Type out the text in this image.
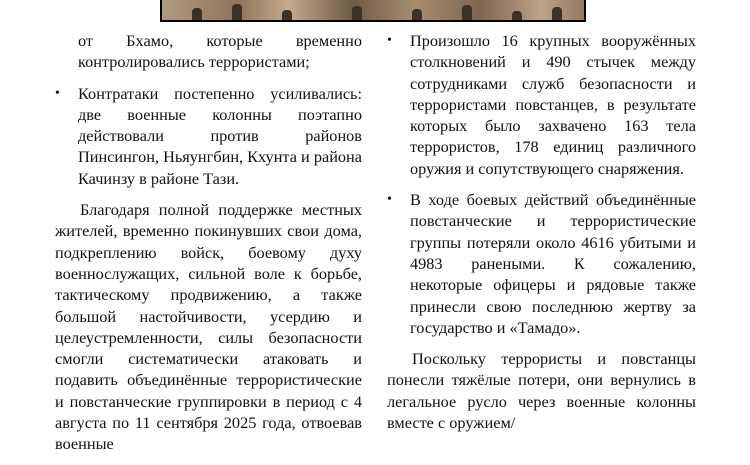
от Бхамо, которые временно контролировались террористами;

• Контратаки постепенно усиливались: две военные колонны поэтапно действовали против районов Пинсингон, Ньяунгбин, Кхунта и района Качинзу в районе Тази.

Благодаря полной поддержке местных жителей, временно покинувших свои дома, подкреплению войск, боевому духу военнослужащих, сильной воле к борьбе, тактическому продвижению, а также большой настойчивости, усердию и целеустремленности, силы безопасности смогли систематически атаковать и подавить объединённые террористические и повстанческие группировки в период с 4 августа по 11 сентября 2025 года, отвоевав военные

• Произошло 16 крупных вооружённых столкновений и 490 стычек между сотрудниками служб безопасности и террористами повстанцев, в результате которых было захвачено 163 тела террористов, 178 единиц различного оружия и сопутствующего снаряжения.
• В ходе боевых действий объединённые повстанческие и террористические группы потеряли около 4616 убитыми и 4983 ранеными. К сожалению, некоторые офицеры и рядовые также принесли свою последнюю жертву за государство и «Тамадо».

Поскольку террористы и повстанцы понесли тяжёлые потери, они вернулись в легальное русло через военные колонны вместе с оружием/
